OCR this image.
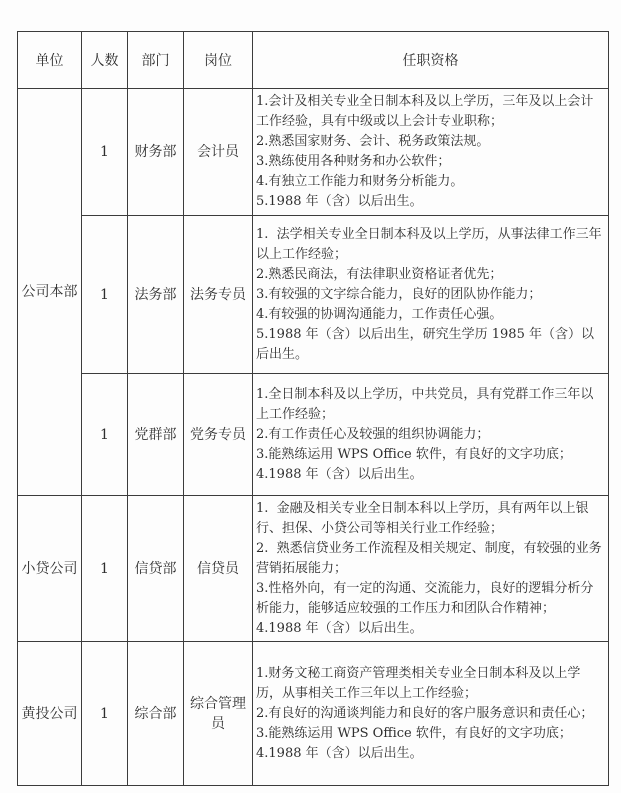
单位	人数	部门	岗位	任职资格
公司本部	1	财务部	会计员	1.会计及相关专业全日制本科及以上学历，三年及以上会计工作经验，具有中级或以上会计专业职称；
2.熟悉国家财务、会计、税务政策法规。
3.熟练使用各种财务和办公软件；
4.有独立工作能力和财务分析能力。
5.1988 年（含）以后出生。

	1	法务部	法务专员	1.  法学相关专业全日制本科及以上学历，从事法律工作三年以上工作经验；
2.熟悉民商法，有法律职业资格证者优先；
3.有较强的文字综合能力，良好的团队协作能力；
4.有较强的协调沟通能力，工作责任心强。
5.1988 年（含）以后出生，研究生学历 1985 年（含）以后出生。

	1	党群部	党务专员	1.全日制本科及以上学历，中共党员，具有党群工作三年以上工作经验；
2.有工作责任心及较强的组织协调能力；
3.能熟练运用 WPS Office 软件，有良好的文字功底；
4.1988 年（含）以后出生。

小贷公司	1	信贷部	信贷员	1.  金融及相关专业全日制本科以上学历，具有两年以上银行、担保、小贷公司等相关行业工作经验；
2.  熟悉信贷业务工作流程及相关规定、制度，有较强的业务营销拓展能力；
3.性格外向，有一定的沟通、交流能力，良好的逻辑分析分析能力，能够适应较强的工作压力和团队合作精神；
4.1988 年（含）以后出生。

黄投公司	1	综合部	综合管理员	1.财务文秘工商资产管理类相关专业全日制本科及以上学历，从事相关工作三年以上工作经验；
2.有良好的沟通谈判能力和良好的客户服务意识和责任心；
3.能熟练运用 WPS Office 软件，有良好的文字功底；
4.1988 年（含）以后出生。
